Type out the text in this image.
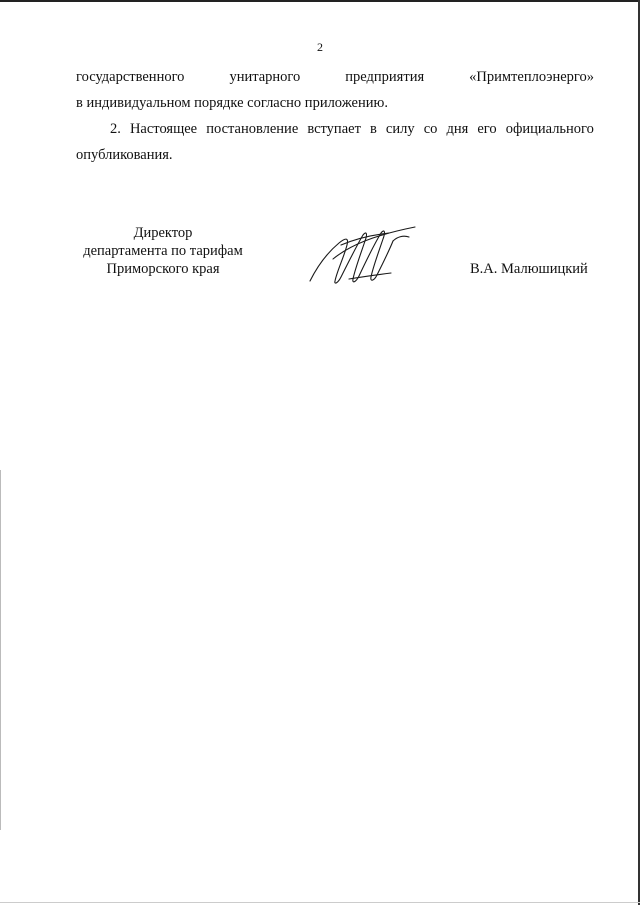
2
государственного	унитарного	предприятия	«Примтеплоэнерго»
в индивидуальном порядке согласно приложению.
2. Настоящее постановление вступает в силу со дня его официального
опубликования.
Директор
департамента по тарифам
Приморского края	В.А. Малюшицкий
